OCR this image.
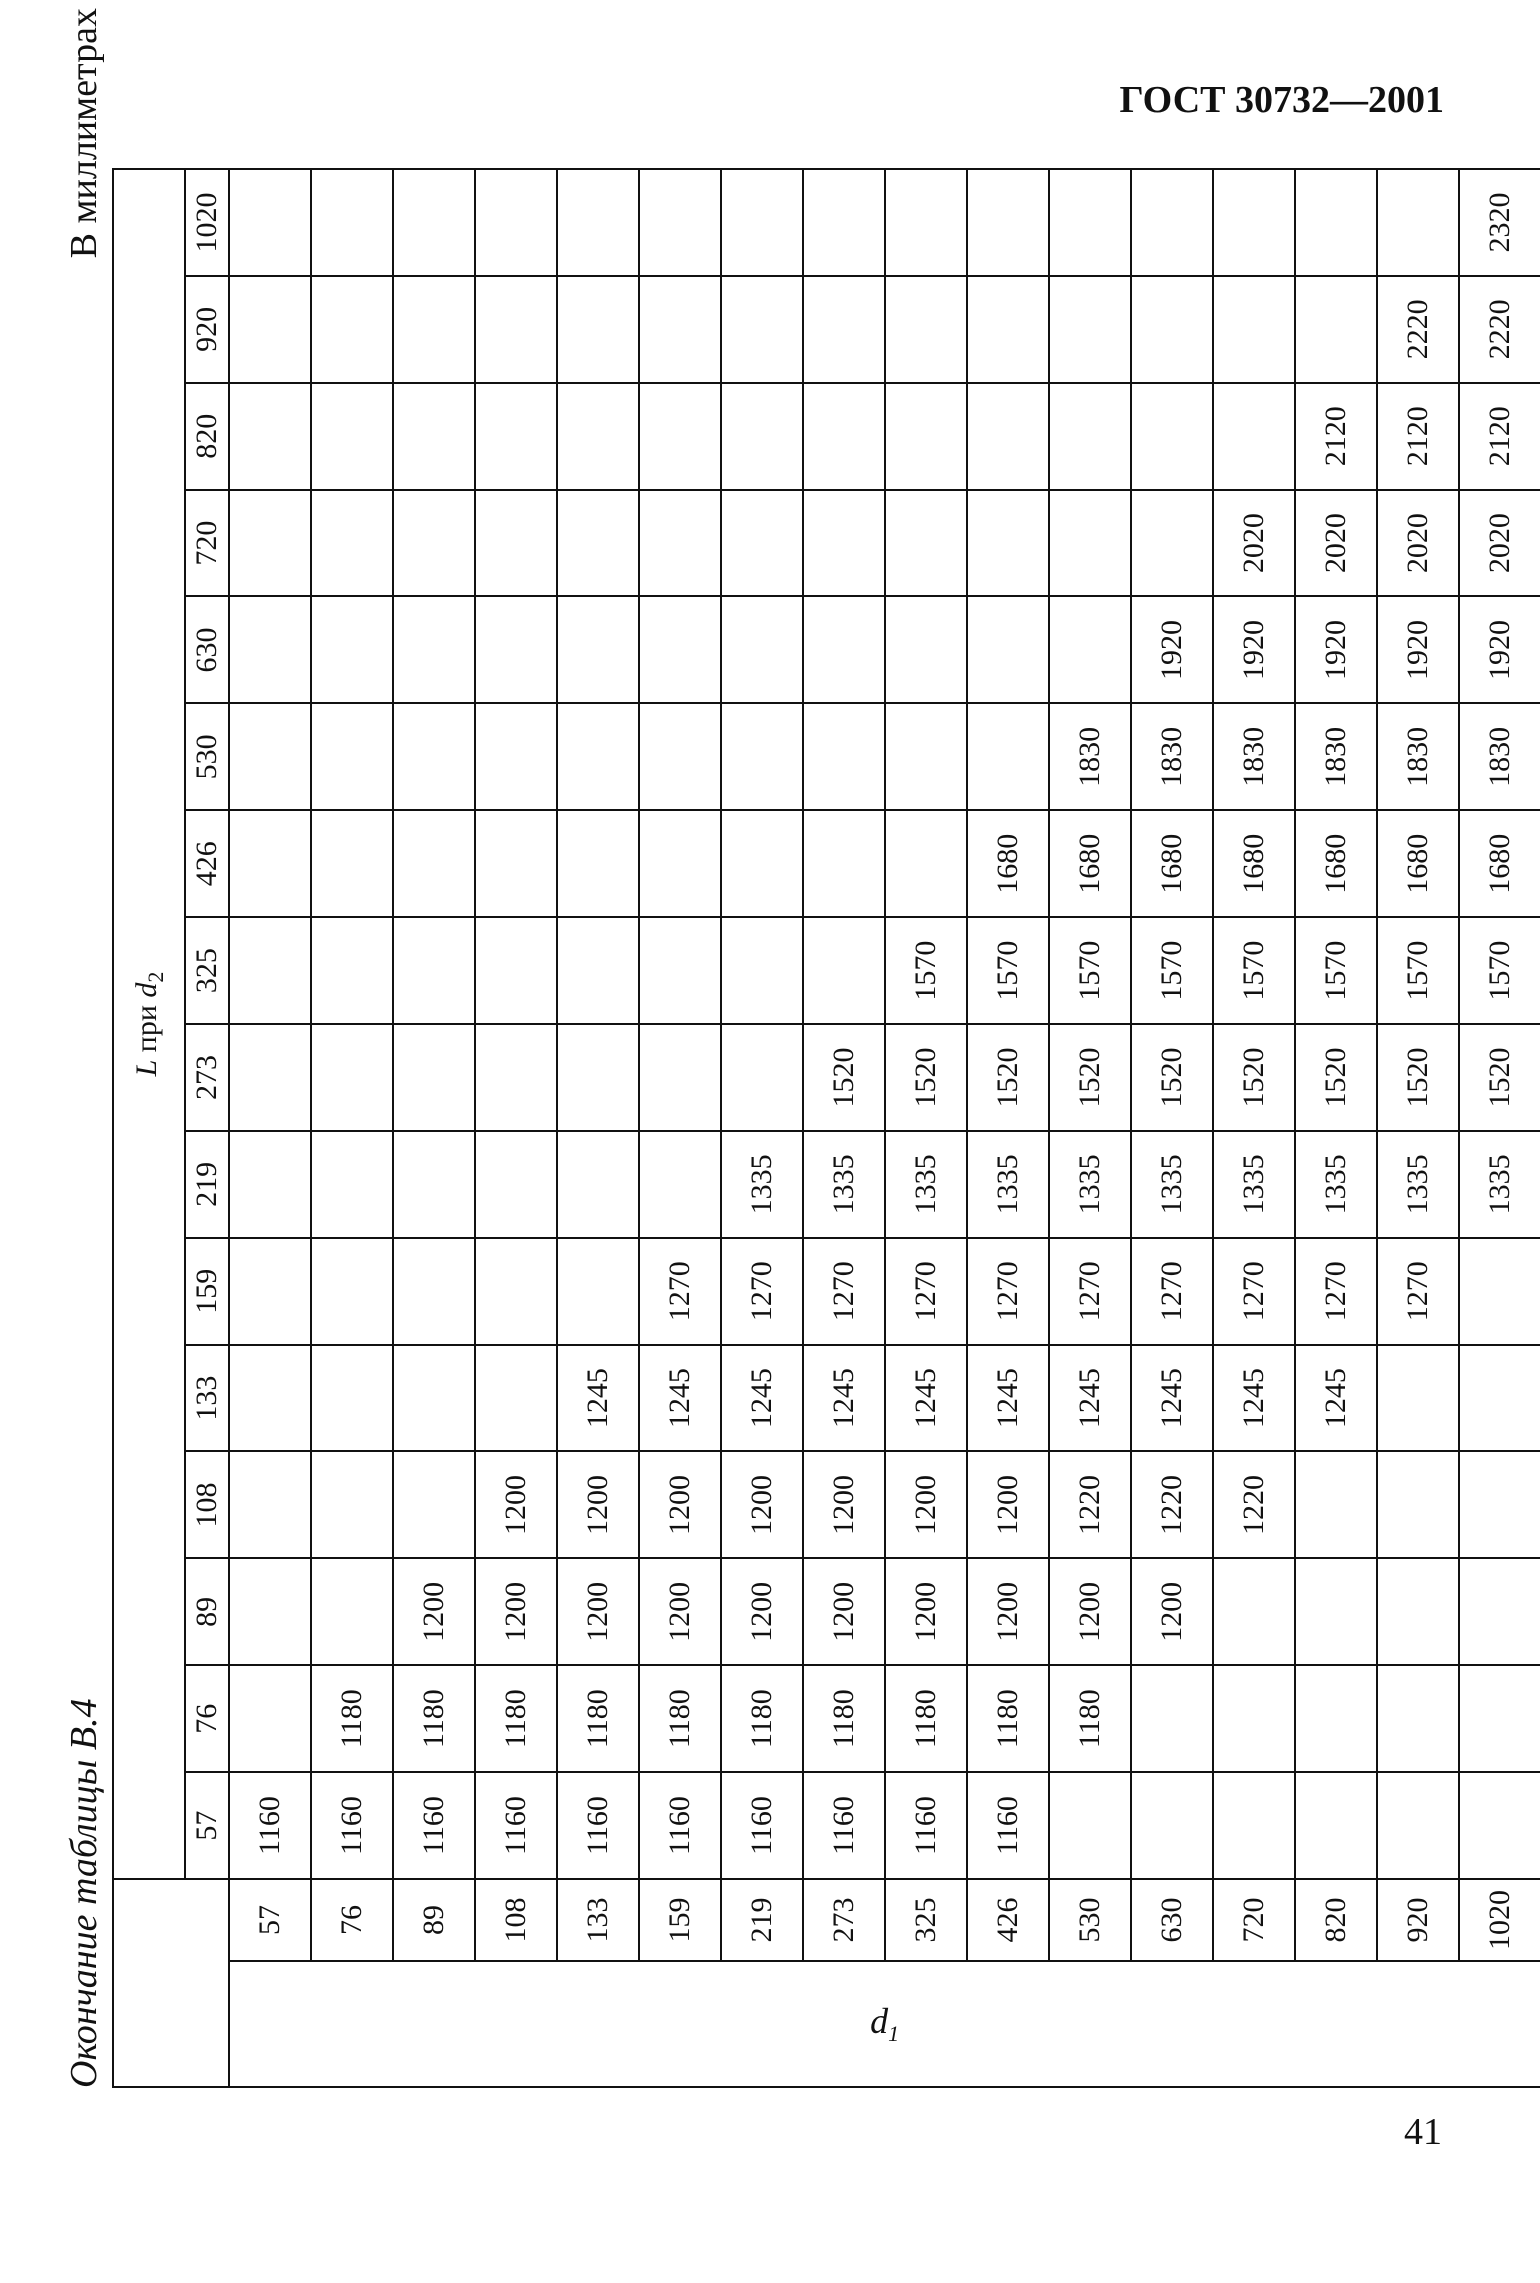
ГОСТ 30732—2001
Окончание таблицы В.4
В миллиметрах
		L при $d_2$
		57	76	89	108	133	159	219	273	325	426	530	630	720	820	920	1020
$d_1$	57	1160															
	76	1160	1180														
	89	1160	1180	1200													
	108	1160	1180	1200	1200												
	133	1160	1180	1200	1200	1245											
	159	1160	1180	1200	1200	1245	1270										
	219	1160	1180	1200	1200	1245	1270	1335									
	273	1160	1180	1200	1200	1245	1270	1335	1520								
	325	1160	1180	1200	1200	1245	1270	1335	1520	1570							
	426	1160	1180	1200	1200	1245	1270	1335	1520	1570	1680						
	530		1180	1200	1220	1245	1270	1335	1520	1570	1680	1830					
	630			1200	1220	1245	1270	1335	1520	1570	1680	1830	1920				
	720				1220	1245	1270	1335	1520	1570	1680	1830	1920	2020			
	820					1245	1270	1335	1520	1570	1680	1830	1920	2020	2120		
	920						1270	1335	1520	1570	1680	1830	1920	2020	2120	2220	
	1020							1335	1520	1570	1680	1830	1920	2020	2120	2220	2320
41
